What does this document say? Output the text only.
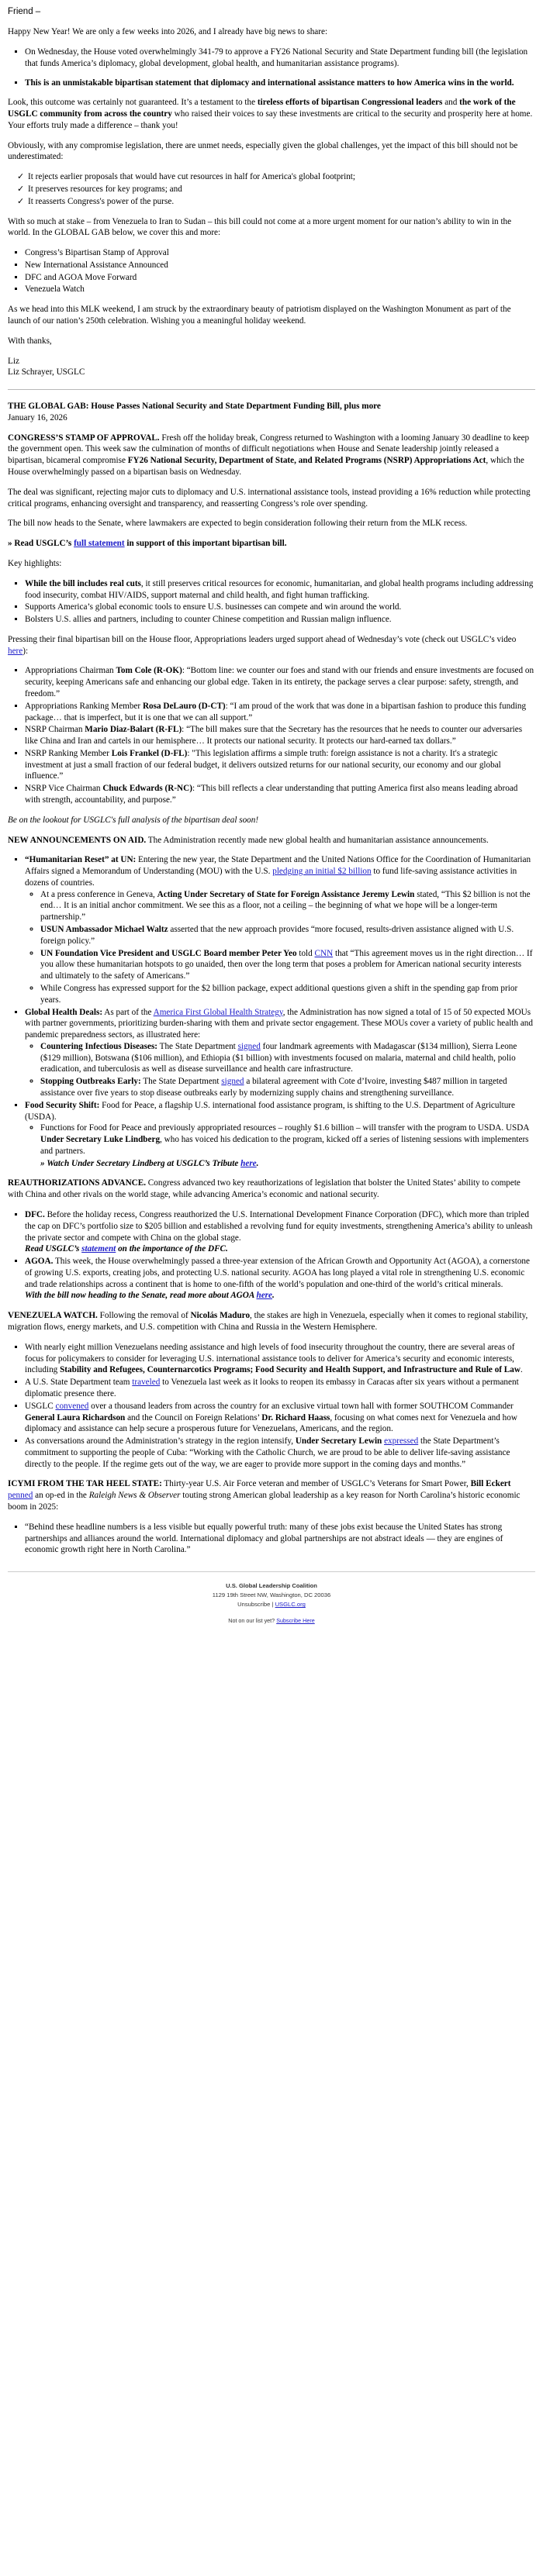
Friend –

Happy New Year! We are only a few weeks into 2026, and I already have big news to share:

▪ On Wednesday, the House voted overwhelmingly 341-79 to approve a FY26 National Security and State Department funding bill (the legislation that funds America’s diplomacy, global development, global health, and humanitarian assistance programs).
▪ This is an unmistakable bipartisan statement that diplomacy and international assistance matters to how America wins in the world.

Look, this outcome was certainly not guaranteed. It’s a testament to the tireless efforts of bipartisan Congressional leaders and the work of the USGLC community from across the country who raised their voices to say these investments are critical to the security and prosperity here at home. Your efforts truly made a difference – thank you!

Obviously, with any compromise legislation, there are unmet needs, especially given the global challenges, yet the impact of this bill should not be underestimated:

✓ It rejects earlier proposals that would have cut resources in half for America's global footprint;
✓ It preserves resources for key programs; and
✓ It reasserts Congress's power of the purse.

With so much at stake – from Venezuela to Iran to Sudan – this bill could not come at a more urgent moment for our nation’s ability to win in the world. In the GLOBAL GAB below, we cover this and more:

▪ Congress’s Bipartisan Stamp of Approval
▪ New International Assistance Announced
▪ DFC and AGOA Move Forward
▪ Venezuela Watch

As we head into this MLK weekend, I am struck by the extraordinary beauty of patriotism displayed on the Washington Monument as part of the launch of our nation’s 250th celebration. Wishing you a meaningful holiday weekend.

With thanks,

Liz
Liz Schrayer, USGLC

THE GLOBAL GAB: House Passes National Security and State Department Funding Bill, plus more

January 16, 2026

CONGRESS’S STAMP OF APPROVAL. Fresh off the holiday break, Congress returned to Washington with a looming January 30 deadline to keep the government open. This week saw the culmination of months of difficult negotiations when House and Senate leadership jointly released a bipartisan, bicameral compromise FY26 National Security, Department of State, and Related Programs (NSRP) Appropriations Act, which the House overwhelmingly passed on a bipartisan basis on Wednesday.

The deal was significant, rejecting major cuts to diplomacy and U.S. international assistance tools, instead providing a 16% reduction while protecting critical programs, enhancing oversight and transparency, and reasserting Congress’s role over spending.

The bill now heads to the Senate, where lawmakers are expected to begin consideration following their return from the MLK recess.

» Read USGLC’s full statement in support of this important bipartisan bill.

Key highlights:

▪ While the bill includes real cuts, it still preserves critical resources for economic, humanitarian, and global health programs including addressing food insecurity, combat HIV/AIDS, support maternal and child health, and fight human trafficking.
▪ Supports America’s global economic tools to ensure U.S. businesses can compete and win around the world.
▪ Bolsters U.S. allies and partners, including to counter Chinese competition and Russian malign influence.

Pressing their final bipartisan bill on the House floor, Appropriations leaders urged support ahead of Wednesday’s vote (check out USGLC’s video here):

▪ Appropriations Chairman Tom Cole (R-OK): “Bottom line: we counter our foes and stand with our friends and ensure investments are focused on security, keeping Americans safe and enhancing our global edge. Taken in its entirety, the package serves a clear purpose: safety, strength, and freedom.”
▪ Appropriations Ranking Member Rosa DeLauro (D-CT): “I am proud of the work that was done in a bipartisan fashion to produce this funding package… that is imperfect, but it is one that we can all support.”
▪ NSRP Chairman Mario Diaz-Balart (R-FL): “The bill makes sure that the Secretary has the resources that he needs to counter our adversaries like China and Iran and cartels in our hemisphere… It protects our national security. It protects our hard-earned tax dollars.”
▪ NSRP Ranking Member Lois Frankel (D-FL): "This legislation affirms a simple truth: foreign assistance is not a charity. It's a strategic investment at just a small fraction of our federal budget, it delivers outsized returns for our national security, our economy and our global influence.”
▪ NSRP Vice Chairman Chuck Edwards (R-NC): “This bill reflects a clear understanding that putting America first also means leading abroad with strength, accountability, and purpose.”

Be on the lookout for USGLC's full analysis of the bipartisan deal soon!

NEW ANNOUNCEMENTS ON AID. The Administration recently made new global health and humanitarian assistance announcements.

▪ “Humanitarian Reset” at UN: Entering the new year, the State Department and the United Nations Office for the Coordination of Humanitarian Affairs signed a Memorandum of Understanding (MOU) with the U.S. pledging an initial $2 billion to fund life-saving assistance activities in dozens of countries.
◦ At a press conference in Geneva, Acting Under Secretary of State for Foreign Assistance Jeremy Lewin stated, “This $2 billion is not the end… It is an initial anchor commitment. We see this as a floor, not a ceiling – the beginning of what we hope will be a longer-term partnership.”
◦ USUN Ambassador Michael Waltz asserted that the new approach provides “more focused, results-driven assistance aligned with U.S. foreign policy.”
◦ UN Foundation Vice President and USGLC Board member Peter Yeo told CNN that “This agreement moves us in the right direction… If you allow these humanitarian hotspots to go unaided, then over the long term that poses a problem for American national security interests and ultimately to the safety of Americans.”
◦ While Congress has expressed support for the $2 billion package, expect additional questions given a shift in the spending gap from prior years.
▪ Global Health Deals: As part of the America First Global Health Strategy, the Administration has now signed a total of 15 of 50 expected MOUs with partner governments, prioritizing burden-sharing with them and private sector engagement. These MOUs cover a variety of public health and pandemic preparedness sectors, as illustrated here:
◦ Countering Infectious Diseases: The State Department signed four landmark agreements with Madagascar ($134 million), Sierra Leone ($129 million), Botswana ($106 million), and Ethiopia ($1 billion) with investments focused on malaria, maternal and child health, polio eradication, and tuberculosis as well as disease surveillance and health care infrastructure.
◦ Stopping Outbreaks Early: The State Department signed a bilateral agreement with Cote d’Ivoire, investing $487 million in targeted assistance over five years to stop disease outbreaks early by modernizing supply chains and strengthening surveillance.
▪ Food Security Shift: Food for Peace, a flagship U.S. international food assistance program, is shifting to the U.S. Department of Agriculture (USDA).
◦ Functions for Food for Peace and previously appropriated resources – roughly $1.6 billion – will transfer with the program to USDA. USDA Under Secretary Luke Lindberg, who has voiced his dedication to the program, kicked off a series of listening sessions with implementers and partners.
» Watch Under Secretary Lindberg at USGLC’s Tribute here.

REAUTHORIZATIONS ADVANCE. Congress advanced two key reauthorizations of legislation that bolster the United States’ ability to compete with China and other rivals on the world stage, while advancing America’s economic and national security.

▪ DFC. Before the holiday recess, Congress reauthorized the U.S. International Development Finance Corporation (DFC), which more than tripled the cap on DFC’s portfolio size to $205 billion and established a revolving fund for equity investments, strengthening America’s ability to unleash the private sector and compete with China on the global stage.
Read USGLC’s statement on the importance of the DFC.
▪ AGOA. This week, the House overwhelmingly passed a three-year extension of the African Growth and Opportunity Act (AGOA), a cornerstone of growing U.S. exports, creating jobs, and protecting U.S. national security. AGOA has long played a vital role in strengthening U.S. economic and trade relationships across a continent that is home to one-fifth of the world’s population and one-third of the world’s critical minerals.
With the bill now heading to the Senate, read more about AGOA here.

VENEZUELA WATCH. Following the removal of Nicolás Maduro, the stakes are high in Venezuela, especially when it comes to regional stability, migration flows, energy markets, and U.S. competition with China and Russia in the Western Hemisphere.

▪ With nearly eight million Venezuelans needing assistance and high levels of food insecurity throughout the country, there are several areas of focus for policymakers to consider for leveraging U.S. international assistance tools to deliver for America’s security and economic interests, including Stability and Refugees, Counternarcotics Programs; Food Security and Health Support, and Infrastructure and Rule of Law.
▪ A U.S. State Department team traveled to Venezuela last week as it looks to reopen its embassy in Caracas after six years without a permanent diplomatic presence there.
▪ USGLC convened over a thousand leaders from across the country for an exclusive virtual town hall with former SOUTHCOM Commander General Laura Richardson and the Council on Foreign Relations’ Dr. Richard Haass, focusing on what comes next for Venezuela and how diplomacy and assistance can help secure a prosperous future for Venezuelans, Americans, and the region.
▪ As conversations around the Administration’s strategy in the region intensify, Under Secretary Lewin expressed the State Department’s commitment to supporting the people of Cuba: “Working with the Catholic Church, we are proud to be able to deliver life-saving assistance directly to the people. If the regime gets out of the way, we are eager to provide more support in the coming days and months.”

ICYMI FROM THE TAR HEEL STATE: Thirty-year U.S. Air Force veteran and member of USGLC’s Veterans for Smart Power, Bill Eckert penned an op-ed in the Raleigh News & Observer touting strong American global leadership as a key reason for North Carolina’s historic economic boom in 2025:

▪ “Behind these headline numbers is a less visible but equally powerful truth: many of these jobs exist because the United States has strong partnerships and alliances around the world. International diplomacy and global partnerships are not abstract ideals — they are engines of economic growth right here in North Carolina.”
U.S. Global Leadership Coalition
1129 19th Street NW, Washington, DC 20036
Unsubscribe | USGLC.org
Not on our list yet? Subscribe Here
